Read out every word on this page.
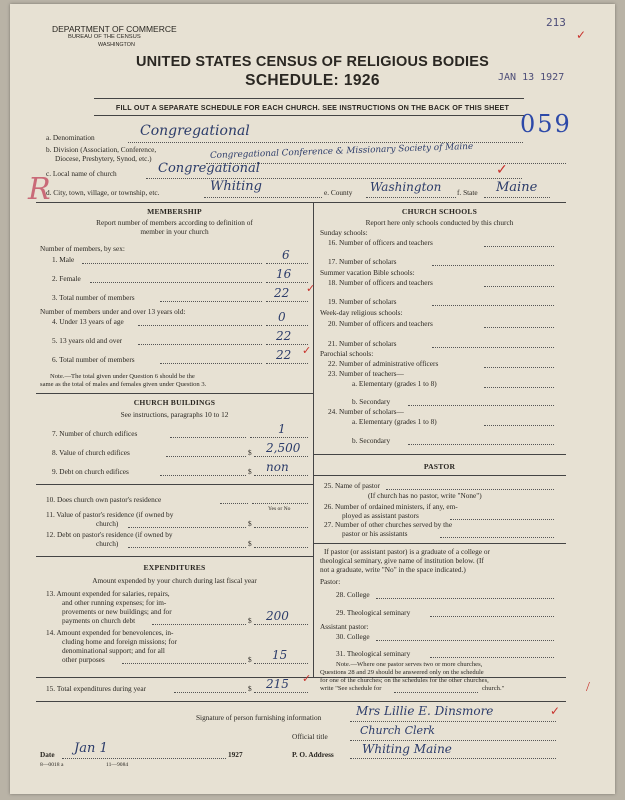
DEPARTMENT OF COMMERCE
BUREAU OF THE CENSUS
WASHINGTON
UNITED STATES CENSUS OF RELIGIOUS BODIES
SCHEDULE: 1926	JAN 13 1927
213
✓
059
FILL OUT A SEPARATE SCHEDULE FOR EACH CHURCH. SEE INSTRUCTIONS ON THE BACK OF THIS SHEET
a. Denomination	Congregational
b. Division (Association, Conference,
Diocese, Presbytery, Synod, etc.)	Congregational Conference & Missionary Society of Maine
c. Local name of church	Congregational	✓
R
d. City, town, village, or township, etc.	Whiting	e. County Washington f. State Maine
MEMBERSHIP
Report number of members according to definition of
member in your church
Number of members, by sex:
1. Male	6
2. Female	16
3. Total number of members	22 ✓
Number of members under and over 13 years old:
4. Under 13 years of age	0
5. 13 years old and over	22
6. Total number of members	22 ✓
Note.—The total given under Question 6 should be the
same as the total of males and females given under Question 3.
CHURCH BUILDINGS
See instructions, paragraphs 10 to 12
7. Number of church edifices	1
8. Value of church edifices	$ 2,500
9. Debt on church edifices	$ non
10. Does church own pastor's residence
Yes or No
11. Value of pastor's residence (if owned by
church)	$
12. Debt on pastor's residence (if owned by
church)	$
EXPENDITURES
Amount expended by your church during last fiscal year
13. Amount expended for salaries, repairs,
and other running expenses; for im-
provements or new buildings; and for
payments on church debt	$ 200
14. Amount expended for benevolences, in-
cluding home and foreign missions; for
denominational support; and for all
other purposes	$ 15
15. Total expenditures during year	$ 215 ✓
CHURCH SCHOOLS
Report here only schools conducted by this church
Sunday schools:
16. Number of officers and teachers
17. Number of scholars
Summer vacation Bible schools:
18. Number of officers and teachers
19. Number of scholars
Week-day religious schools:
20. Number of officers and teachers
21. Number of scholars
Parochial schools:
22. Number of administrative officers
23. Number of teachers—
a. Elementary (grades 1 to 8)
b. Secondary
24. Number of scholars—
a. Elementary (grades 1 to 8)
b. Secondary
PASTOR
25. Name of pastor
(If church has no pastor, write "None")
26. Number of ordained ministers, if any, em-
ployed as assistant pastors
27. Number of other churches served by the
pastor or his assistants
If pastor (or assistant pastor) is a graduate of a college or
theological seminary, give name of institution below. (If
not a graduate, write "No" in the space indicated.)
Pastor:
28. College
29. Theological seminary
Assistant pastor:
30. College
31. Theological seminary
Note.—Where one pastor serves two or more churches,
Questions 28 and 29 should be answered only on the schedule
for one of the churches; on the schedules for the other churches,
write "See schedule for	church."	/
Signature of person furnishing information	Mrs Lillie E. Dinsmore	✓
Official title	Church Clerk
Date Jan 1	1927	P. O. Address Whiting Maine
8—0018 a	11—9084
